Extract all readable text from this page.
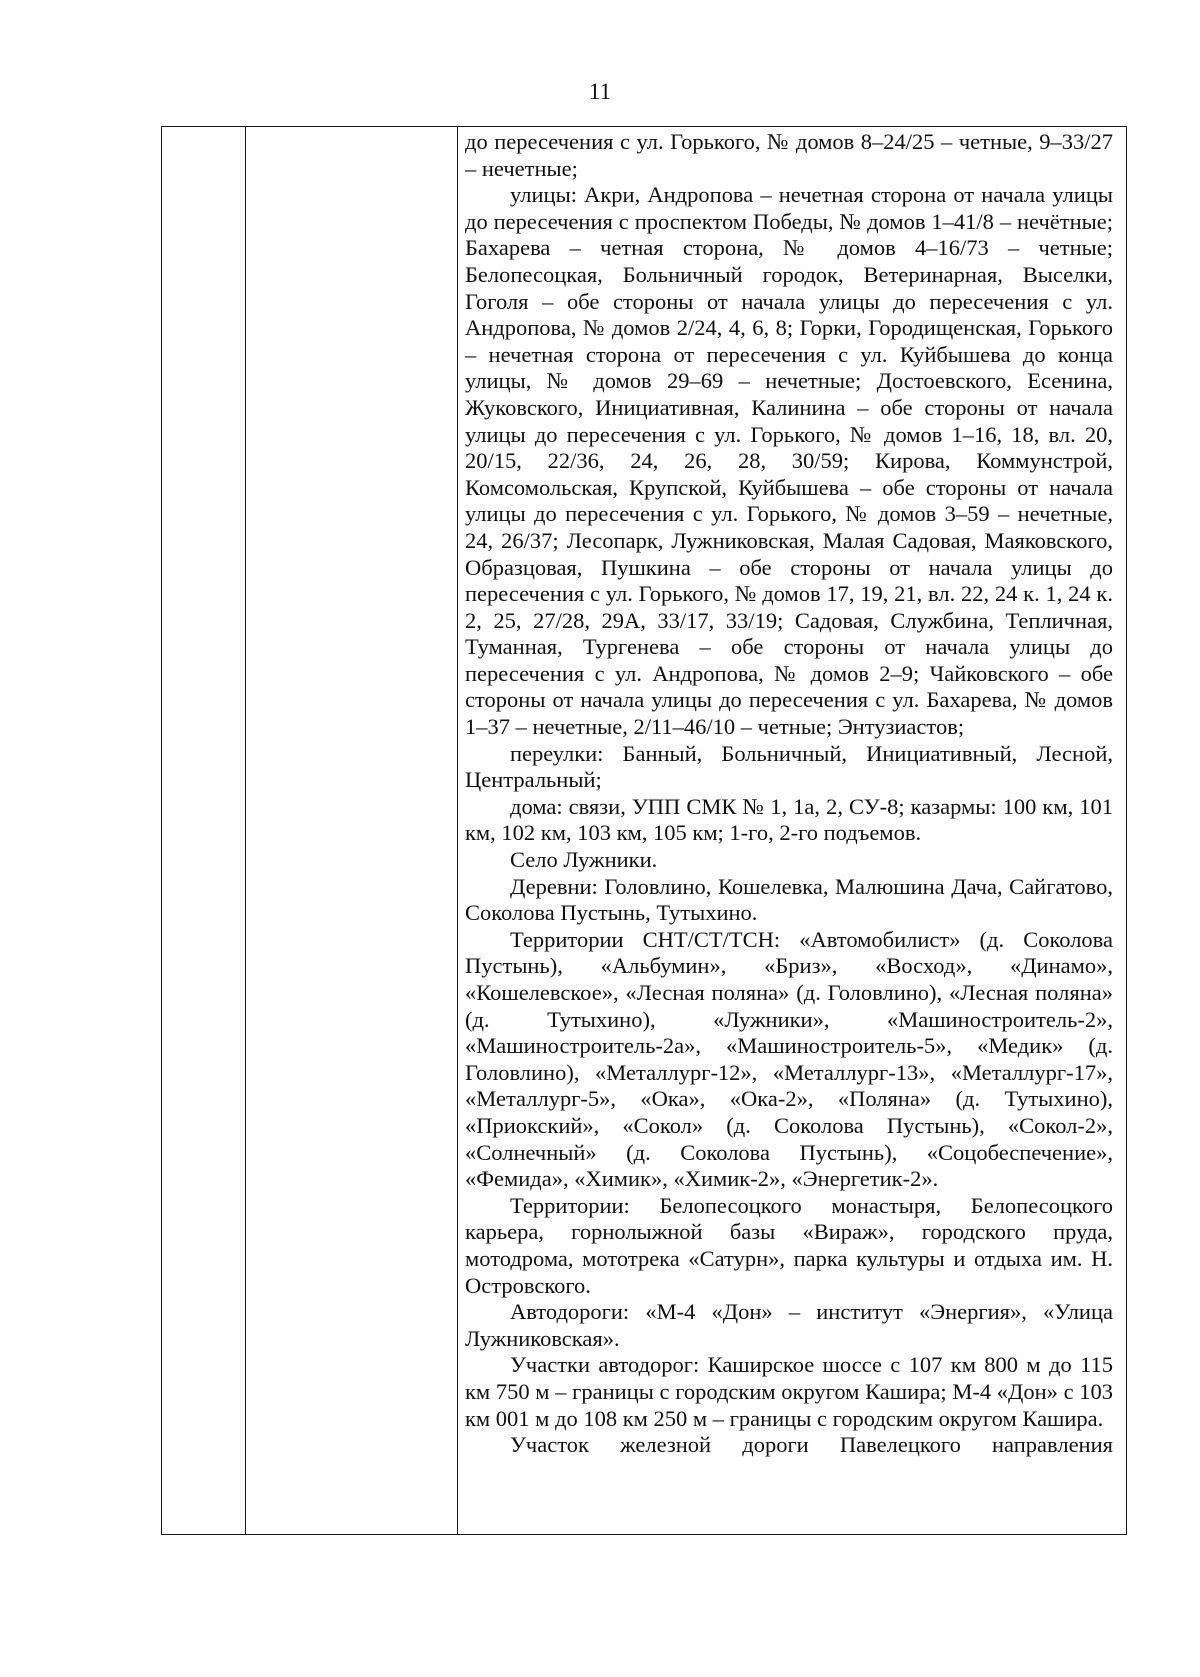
11

до пересечения с ул. Горького, № домов 8–24/25 – четные, 9–33/27 – нечетные;

улицы: Акри, Андропова – нечетная сторона от начала улицы до пересечения с проспектом Победы, № домов 1–41/8 – нечётные; Бахарева – четная сторона, № домов 4–16/73 – четные; Белопесоцкая, Больничный городок, Ветеринарная, Выселки, Гоголя – обе стороны от начала улицы до пересечения с ул. Андропова, № домов 2/24, 4, 6, 8; Горки, Городищенская, Горького – нечетная сторона от пересечения с ул. Куйбышева до конца улицы, № домов 29–69 – нечетные; Достоевского, Есенина, Жуковского, Инициативная, Калинина – обе стороны от начала улицы до пересечения с ул. Горького, № домов 1–16, 18, вл. 20, 20/15, 22/36, 24, 26, 28, 30/59; Кирова, Коммунстрой, Комсомольская, Крупской, Куйбышева – обе стороны от начала улицы до пересечения с ул. Горького, № домов 3–59 – нечетные, 24, 26/37; Лесопарк, Лужниковская, Малая Садовая, Маяковского, Образцовая, Пушкина – обе стороны от начала улицы до пересечения с ул. Горького, № домов 17, 19, 21, вл. 22, 24 к. 1, 24 к. 2, 25, 27/28, 29А, 33/17, 33/19; Садовая, Службина, Тепличная, Туманная, Тургенева – обе стороны от начала улицы до пересечения с ул. Андропова, № домов 2–9; Чайковского – обе стороны от начала улицы до пересечения с ул. Бахарева, № домов 1–37 – нечетные, 2/11–46/10 – четные; Энтузиастов;

переулки: Банный, Больничный, Инициативный, Лесной, Центральный;

дома: связи, УПП СМК № 1, 1а, 2, СУ-8; казармы: 100 км, 101 км, 102 км, 103 км, 105 км; 1-го, 2-го подъемов.

Село Лужники.

Деревни: Головлино, Кошелевка, Малюшина Дача, Сайгатово, Соколова Пустынь, Тутыхино.

Территории СНТ/СТ/ТСН: «Автомобилист» (д. Соколова Пустынь), «Альбумин», «Бриз», «Восход», «Динамо», «Кошелевское», «Лесная поляна» (д. Головлино), «Лесная поляна» (д. Тутыхино), «Лужники», «Машиностроитель-2», «Машиностроитель-2а», «Машиностроитель-5», «Медик» (д. Головлино), «Металлург-12», «Металлург-13», «Металлург-17», «Металлург-5», «Ока», «Ока-2», «Поляна» (д. Тутыхино), «Приокский», «Сокол» (д. Соколова Пустынь), «Сокол-2», «Солнечный» (д. Соколова Пустынь), «Соцобеспечение», «Фемида», «Химик», «Химик-2», «Энергетик-2».

Территории: Белопесоцкого монастыря, Белопесоцкого карьера, горнолыжной базы «Вираж», городского пруда, мотодрома, мототрека «Сатурн», парка культуры и отдыха им. Н. Островского.

Автодороги: «М-4 «Дон» – институт «Энергия», «Улица Лужниковская».

Участки автодорог: Каширское шоссе с 107 км 800 м до 115 км 750 м – границы с городским округом Кашира; М-4 «Дон» с 103 км 001 м до 108 км 250 м – границы с городским округом Кашира.

Участок железной дороги Павелецкого направления
